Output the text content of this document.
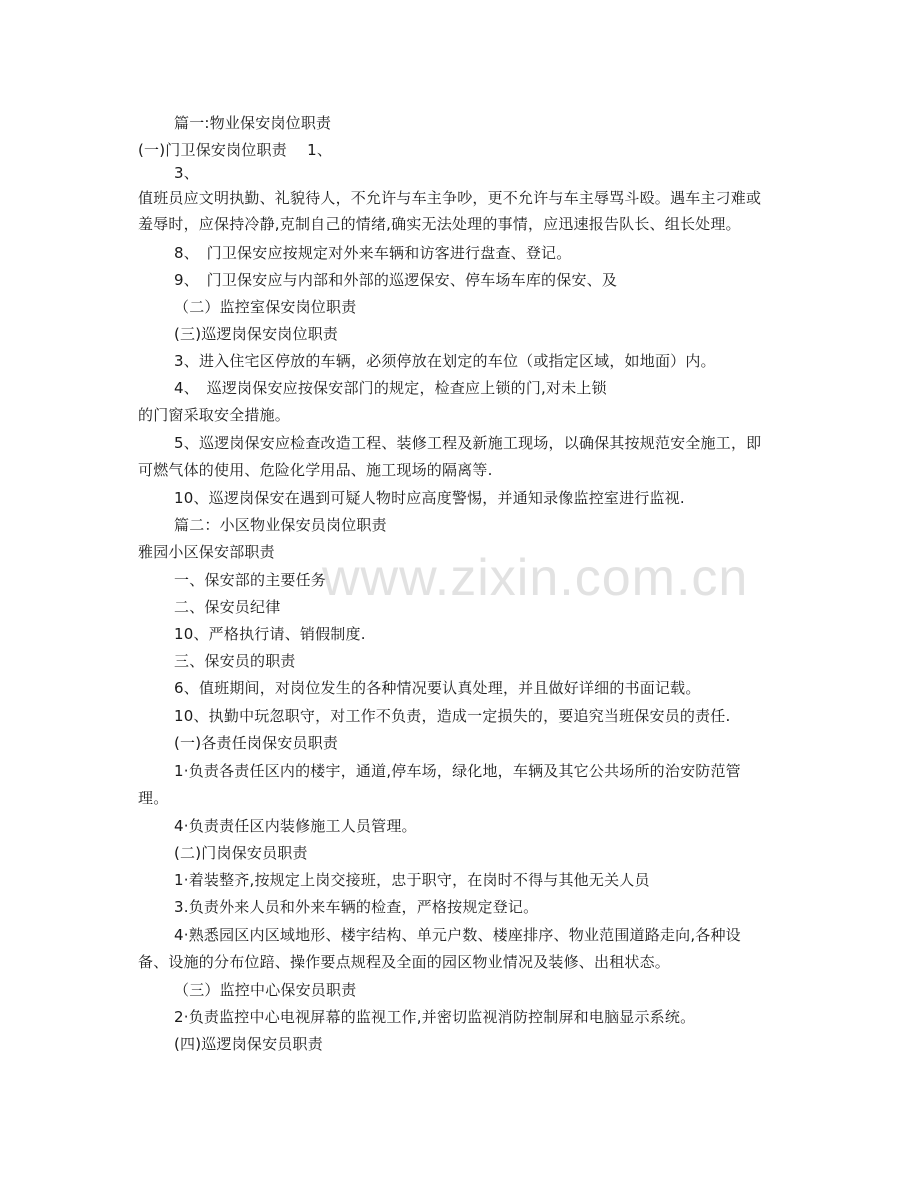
www.zixin.com.cn
篇一:物业保安岗位职责
(一)门卫保安岗位职责　 1、
3、
值班员应文明执勤、礼貌待人，不允许与车主争吵，更不允许与车主辱骂斗殴。遇车主刁难或
羞辱时，应保持冷静,克制自己的情绪,确实无法处理的事情，应迅速报告队长、组长处理。
8、　门卫保安应按规定对外来车辆和访客进行盘查、登记。
9、　门卫保安应与内部和外部的巡逻保安、停车场车库的保安、及
（二）监控室保安岗位职责
(三)巡逻岗保安岗位职责
3、进入住宅区停放的车辆，必须停放在划定的车位（或指定区域，如地面）内。
4、　巡逻岗保安应按保安部门的规定，检查应上锁的门,对未上锁
的门窗采取安全措施。
5、巡逻岗保安应检查改造工程、装修工程及新施工现场，以确保其按规范安全施工，即
可燃气体的使用、危险化学用品、施工现场的隔离等.
10、巡逻岗保安在遇到可疑人物时应高度警惕，并通知录像监控室进行监视.
篇二：小区物业保安员岗位职责
雅园小区保安部职责
一、保安部的主要任务
二、保安员纪律
10、严格执行请、销假制度.
三、保安员的职责
6、值班期间，对岗位发生的各种情况要认真处理，并且做好详细的书面记载。
10、执勤中玩忽职守，对工作不负责，造成一定损失的，要追究当班保安员的责任.
(一)各责任岗保安员职责
1·负责各责任区内的楼宇，通道,停车场，绿化地，车辆及其它公共场所的治安防范管
理。
4·负责责任区内装修施工人员管理。
(二)门岗保安员职责
1·着装整齐,按规定上岗交接班，忠于职守，在岗时不得与其他无关人员
3.负责外来人员和外来车辆的检查，严格按规定登记。
4·熟悉园区内区域地形、楼宇结构、单元户数、楼座排序、物业范围道路走向,各种设
备、设施的分布位踣、操作要点规程及全面的园区物业情况及装修、出租状态。
（三）监控中心保安员职责
2·负责监控中心电视屏幕的监视工作,并密切监视消防控制屏和电脑显示系统。
(四)巡逻岗保安员职责
